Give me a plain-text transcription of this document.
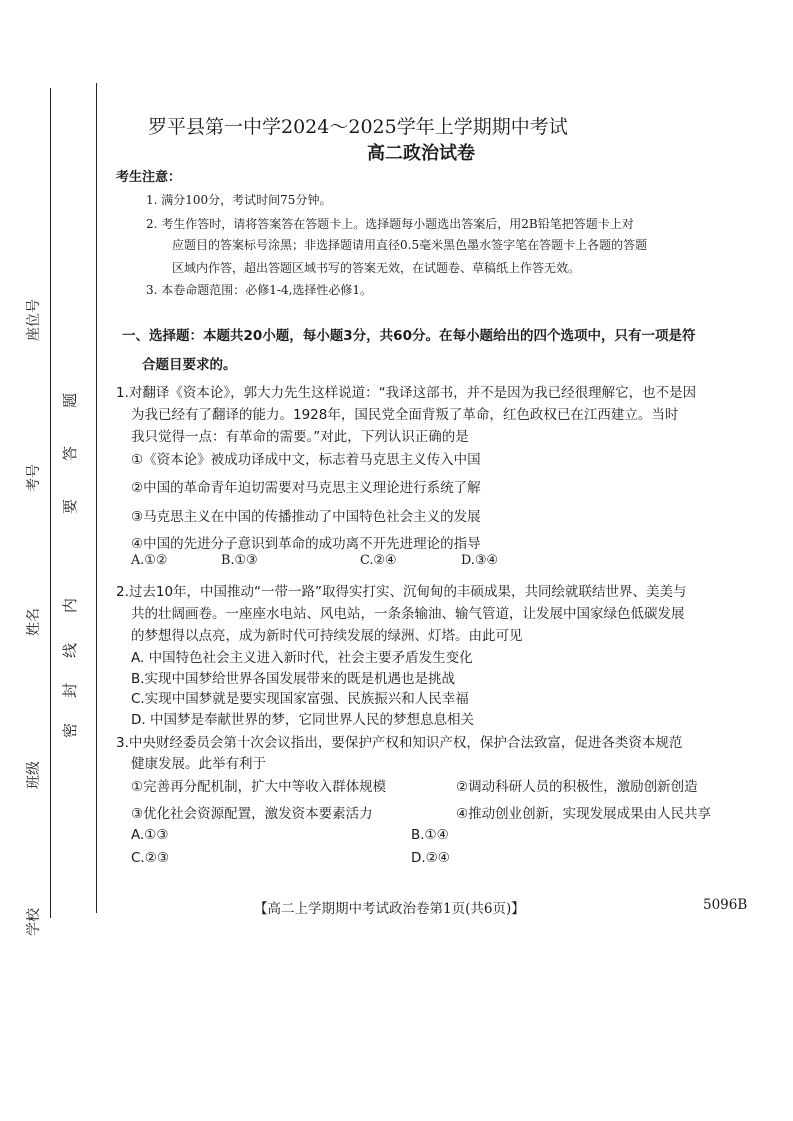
座位号
考号
姓名
班级
学校
题
答
要
内
线
封
密
罗平县第一中学2024～2025学年上学期期中考试
高二政治试卷
考生注意：
1. 满分100分，考试时间75分钟。
2. 考生作答时，请将答案答在答题卡上。选择题每小题选出答案后，用2B铅笔把答题卡上对
应题目的答案标号涂黑；非选择题请用直径0.5毫米黑色墨水签字笔在答题卡上各题的答题
区域内作答，超出答题区域书写的答案无效，在试题卷、草稿纸上作答无效。
3. 本卷命题范围：必修1-4,选择性必修1。
一、选择题：本题共20小题，每小题3分，共60分。在每小题给出的四个选项中，只有一项是符
合题目要求的。
1.对翻译《资本论》，郭大力先生这样说道：“我译这部书，并不是因为我已经很理解它，也不是因
为我已经有了翻译的能力。1928年，国民党全面背叛了革命，红色政权已在江西建立。当时
我只觉得一点：有革命的需要。”对此，下列认识正确的是
①《资本论》被成功译成中文，标志着马克思主义传入中国
②中国的革命青年迫切需要对马克思主义理论进行系统了解
③马克思主义在中国的传播推动了中国特色社会主义的发展
④中国的先进分子意识到革命的成功离不开先进理论的指导
A.①②	B.①③	C.②④	D.③④
2.过去10年，中国推动“一带一路”取得实打实、沉甸甸的丰硕成果，共同绘就联结世界、美美与
共的壮阔画卷。一座座水电站、风电站，一条条输油、输气管道，让发展中国家绿色低碳发展
的梦想得以点亮，成为新时代可持续发展的绿洲、灯塔。由此可见
A. 中国特色社会主义进入新时代，社会主要矛盾发生变化
B.实现中国梦给世界各国发展带来的既是机遇也是挑战
C.实现中国梦就是要实现国家富强、民族振兴和人民幸福
D. 中国梦是奉献世界的梦，它同世界人民的梦想息息相关
3.中央财经委员会第十次会议指出，要保护产权和知识产权，保护合法致富，促进各类资本规范
健康发展。此举有利于
①完善再分配机制，扩大中等收入群体规模	②调动科研人员的积极性，激励创新创造
③优化社会资源配置，激发资本要素活力	④推动创业创新，实现发展成果由人民共享
A.①③	B.①④
C.②③	D.②④
【高二上学期期中考试政治卷第1页(共6页)】	5096B
